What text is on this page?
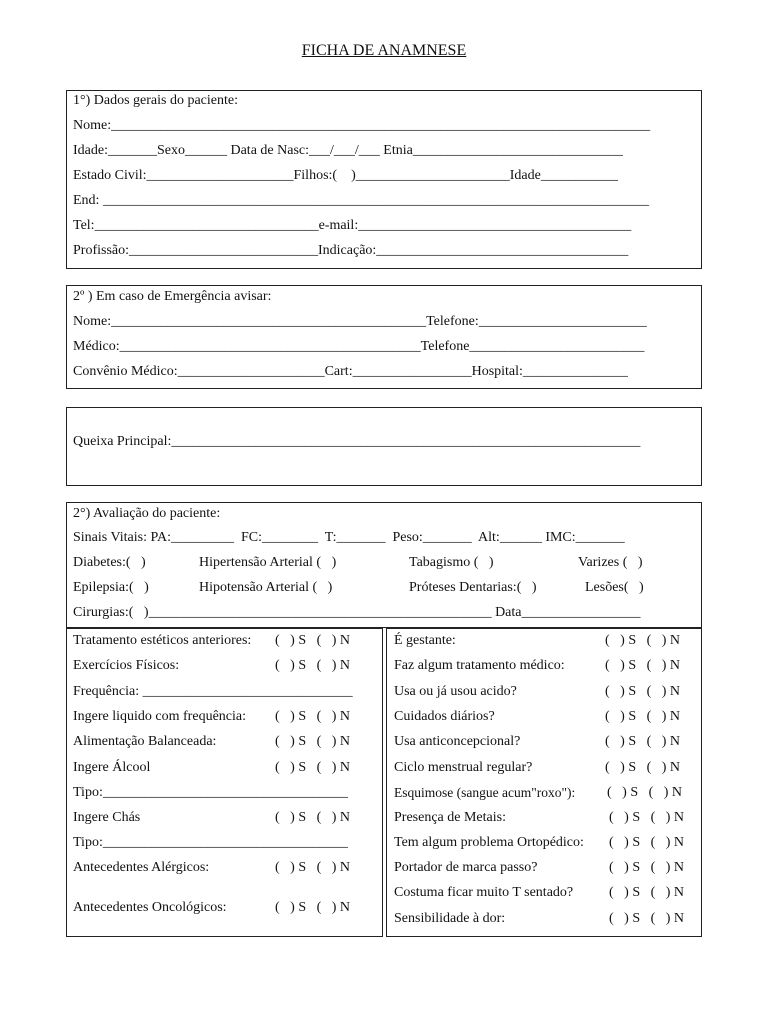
FICHA DE ANAMNESE
1°) Dados gerais do paciente:
Nome:_____________________________________________________________________________
Idade:_______Sexo______ Data de Nasc:___/___/___ Etnia______________________________
Estado Civil:_____________________Filhos:(    )______________________Idade___________
End: ______________________________________________________________________________
Tel:________________________________e-mail:_______________________________________
Profissão:___________________________Indicação:____________________________________
2º ) Em caso de Emergência avisar:
Nome:_____________________________________________Telefone:________________________
Médico:___________________________________________Telefone_________________________
Convênio Médico:_____________________Cart:_________________Hospital:_______________
Queixa Principal:___________________________________________________________________
2°) Avaliação do paciente:
Sinais Vitais: PA:_________  FC:________  T:_______  Peso:_______  Alt:______ IMC:_______
Diabetes:(   )	Hipertensão Arterial (   )	Tabagismo (   )	Varizes (   )
Epilepsia:(   )	Hipotensão Arterial (   )	Próteses Dentarias:(   )	Lesões(   )
Cirurgias:(   )_________________________________________________ Data_________________
Tratamento estéticos anteriores: (   ) S   (   ) N
Exercícios Físicos:	(   ) S   (   ) N
Frequência: ______________________________
Ingere liquido com frequência: (   ) S   (   ) N
Alimentação Balanceada:	(   ) S   (   ) N
Ingere Álcool	(   ) S   (   ) N
Tipo:___________________________________
Ingere Chás	(   ) S   (   ) N
Tipo:___________________________________
Antecedentes Alérgicos:	(   ) S   (   ) N
Antecedentes Oncológicos:	(   ) S   (   ) N
É gestante:	(   ) S   (   ) N
Faz algum tratamento médico:	(   ) S   (   ) N
Usa ou já usou acido?	(   ) S   (   ) N
Cuidados diários?	(   ) S   (   ) N
Usa anticoncepcional?	(   ) S   (   ) N
Ciclo menstrual regular?	(   ) S   (   ) N
Esquimose (sangue acum"roxo"): (   ) S   (   ) N
Presença de Metais:	(   ) S   (   ) N
Tem algum problema Ortopédico: (   ) S   (   ) N
Portador de marca passo?	(   ) S   (   ) N
Costuma ficar muito T sentado?	(   ) S   (   ) N
Sensibilidade à dor:	(   ) S   (   ) N
